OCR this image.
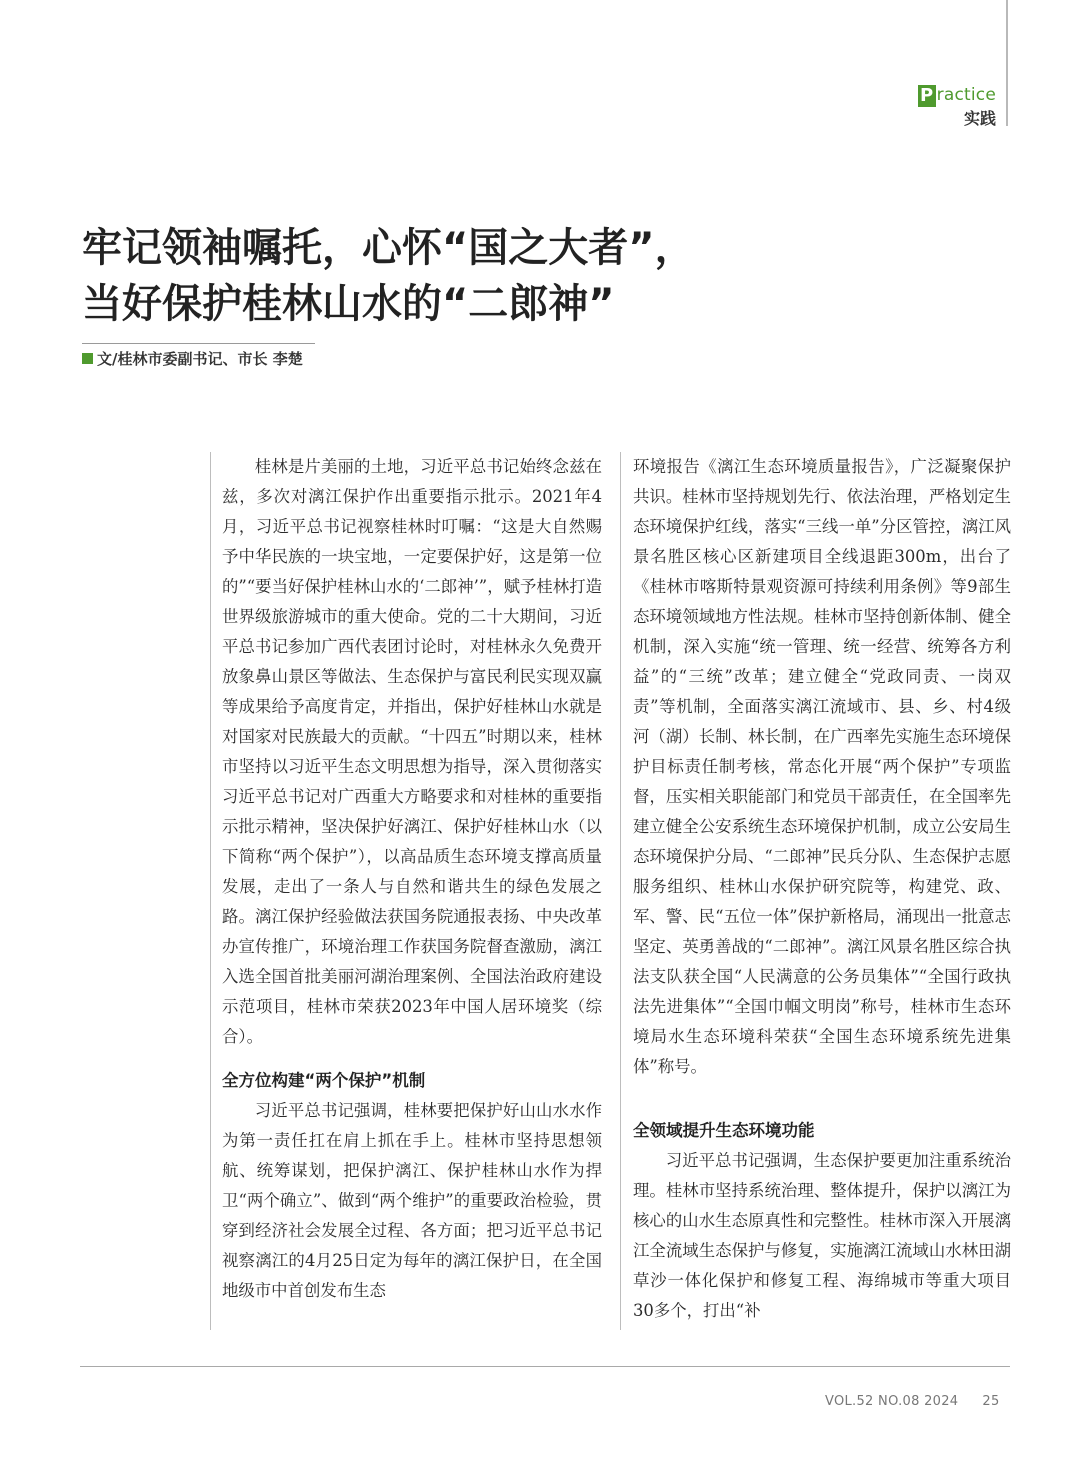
P ractice
实践
牢记领袖嘱托，心怀“国之大者”，
当好保护桂林山水的“二郎神”
文/桂林市委副书记、市长 李楚

桂林是片美丽的土地，习近平总书记始终念兹在兹，多次对漓江保护作出重要指示批示。2021年4月，习近平总书记视察桂林时叮嘱：“这是大自然赐予中华民族的一块宝地，一定要保护好，这是第一位的”“要当好保护桂林山水的‘二郎神’”，赋予桂林打造世界级旅游城市的重大使命。党的二十大期间，习近平总书记参加广西代表团讨论时，对桂林永久免费开放象鼻山景区等做法、生态保护与富民利民实现双赢等成果给予高度肯定，并指出，保护好桂林山水就是对国家对民族最大的贡献。“十四五”时期以来，桂林市坚持以习近平生态文明思想为指导，深入贯彻落实习近平总书记对广西重大方略要求和对桂林的重要指示批示精神，坚决保护好漓江、保护好桂林山水（以下简称“两个保护”），以高品质生态环境支撑高质量发展，走出了一条人与自然和谐共生的绿色发展之路。漓江保护经验做法获国务院通报表扬、中央改革办宣传推广，环境治理工作获国务院督查激励，漓江入选全国首批美丽河湖治理案例、全国法治政府建设示范项目，桂林市荣获2023年中国人居环境奖（综合）。

全方位构建“两个保护”机制

习近平总书记强调，桂林要把保护好山山水水作为第一责任扛在肩上抓在手上。桂林市坚持思想领航、统筹谋划，把保护漓江、保护桂林山水作为捍卫“两个确立”、做到“两个维护”的重要政治检验，贯穿到经济社会发展全过程、各方面；把习近平总书记视察漓江的4月25日定为每年的漓江保护日，在全国地级市中首创发布生态

环境报告《漓江生态环境质量报告》，广泛凝聚保护共识。桂林市坚持规划先行、依法治理，严格划定生态环境保护红线，落实“三线一单”分区管控，漓江风景名胜区核心区新建项目全线退距300m，出台了《桂林市喀斯特景观资源可持续利用条例》等9部生态环境领域地方性法规。桂林市坚持创新体制、健全机制，深入实施“统一管理、统一经营、统筹各方利益”的“三统”改革；建立健全“党政同责、一岗双责”等机制，全面落实漓江流域市、县、乡、村4级河（湖）长制、林长制，在广西率先实施生态环境保护目标责任制考核，常态化开展“两个保护”专项监督，压实相关职能部门和党员干部责任，在全国率先建立健全公安系统生态环境保护机制，成立公安局生态环境保护分局、“二郎神”民兵分队、生态保护志愿服务组织、桂林山水保护研究院等，构建党、政、军、警、民“五位一体”保护新格局，涌现出一批意志坚定、英勇善战的“二郎神”。漓江风景名胜区综合执法支队获全国“人民满意的公务员集体”“全国行政执法先进集体”“全国巾帼文明岗”称号，桂林市生态环境局水生态环境科荣获“全国生态环境系统先进集体”称号。

全领域提升生态环境功能

习近平总书记强调，生态保护要更加注重系统治理。桂林市坚持系统治理、整体提升，保护以漓江为核心的山水生态原真性和完整性。桂林市深入开展漓江全流域生态保护与修复，实施漓江流域山水林田湖草沙一体化保护和修复工程、海绵城市等重大项目30多个，打出“补

VOL.52 NO.08 2024 25
